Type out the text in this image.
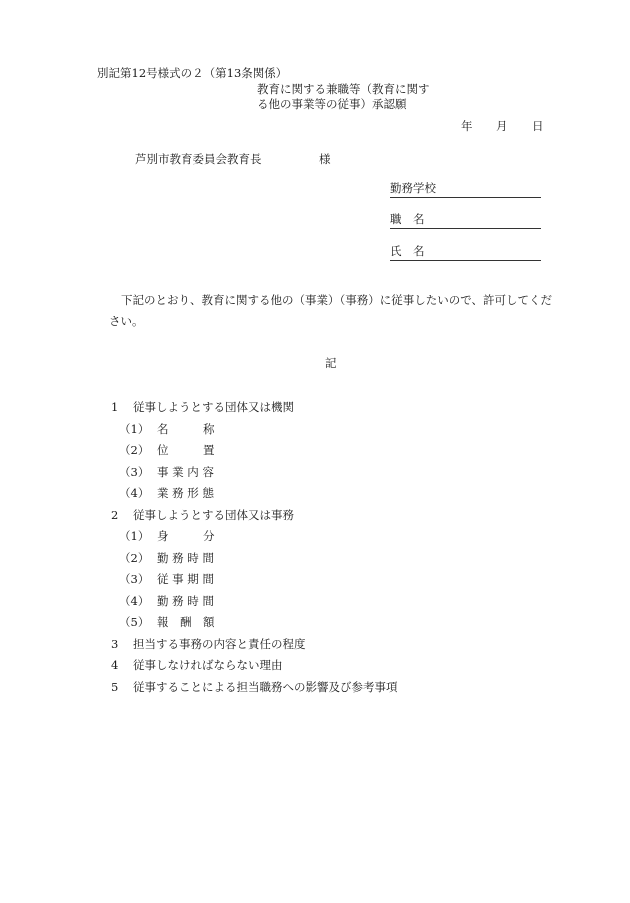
別記第12号様式の２（第13条関係）
教育に関する兼職等（教育に関す
る他の事業等の従事）承認願
年 月 日
芦別市教育委員会教育長	様
勤務学校
職　名
氏　名
下記のとおり、教育に関する他の（事業）（事務）に従事したいので、許可してくだ
さい。
記
1 従事しようとする団体又は機関
（1） 名　　　称
（2） 位　　　置
（3） 事 業 内 容
（4） 業 務 形 態
2 従事しようとする団体又は事務
（1） 身　　　分
（2） 勤 務 時 間
（3） 従 事 期 間
（4） 勤 務 時 間
（5） 報　酬　額
3 担当する事務の内容と責任の程度
4 従事しなければならない理由
5 従事することによる担当職務への影響及び参考事項
